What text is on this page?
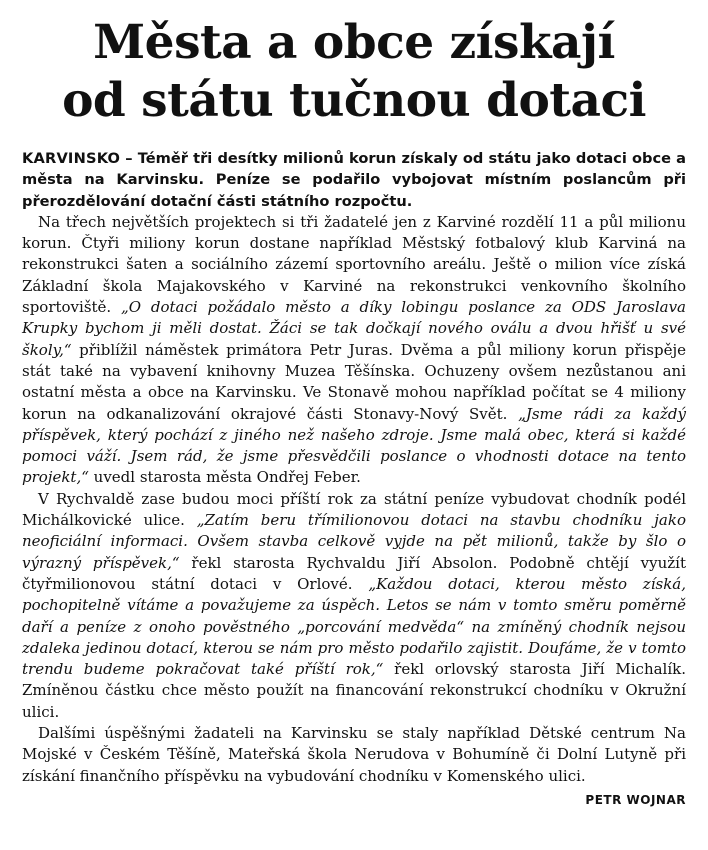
Města a obce získají
od státu tučnou dotaci

KARVINSKO – Téměř tři desítky milionů korun získaly od státu jako dotaci obce a města na Karvinsku. Peníze se podařilo vybojovat místním poslancům při přerozdělování dotační části státního rozpočtu.

Na třech největších projektech si tři žadatelé jen z Karviné rozdělí 11 a půl milionu korun. Čtyři miliony korun dostane například Městský fotbalový klub Karviná na rekonstrukci šaten a sociálního zázemí sportovního areálu. Ještě o milion více získá Základní škola Majakovského v Karviné na rekonstrukci venkovního školního sportoviště. „O dotaci požádalo město a díky lobingu poslance za ODS Jaroslava Krupky bychom ji měli dostat. Žáci se tak dočkají nového oválu a dvou hřišť u své školy,“ přiblížil náměstek primátora Petr Juras. Dvěma a půl miliony korun přispěje stát také na vybavení knihovny Muzea Těšínska. Ochuzeny ovšem nezůstanou ani ostatní města a obce na Karvinsku. Ve Stonavě mohou například počítat se 4 miliony korun na odkanalizování okrajové části Stonavy-Nový Svět. „Jsme rádi za každý příspěvek, který pochází z jiného než našeho zdroje. Jsme malá obec, která si každé pomoci váží. Jsem rád, že jsme přesvědčili poslance o vhodnosti dotace na tento projekt,“ uvedl starosta města Ondřej Feber.

V Rychvaldě zase budou moci příští rok za státní peníze vybudovat chodník podél Michálkovické ulice. „Zatím beru třímilionovou dotaci na stavbu chodníku jako neoficiální informaci. Ovšem stavba celkově vyjde na pět milionů, takže by šlo o výrazný příspěvek,“ řekl starosta Rychvaldu Jiří Absolon. Podobně chtějí využít čtyřmilionovou státní dotaci v Orlové. „Každou dotaci, kterou město získá, pochopitelně vítáme a považujeme za úspěch. Letos se nám v tomto směru poměrně daří a peníze z onoho pověstného „porcování medvěda“ na zmíněný chodník nejsou zdaleka jedinou dotací, kterou se nám pro město podařilo zajistit. Doufáme, že v tomto trendu budeme pokračovat také příští rok,“ řekl orlovský starosta Jiří Michalík. Zmíněnou částku chce město použít na financování rekonstrukcí chodníku v Okružní ulici.

Dalšími úspěšnými žadateli na Karvinsku se staly například Dětské centrum Na Mojské v Českém Těšíně, Mateřská škola Nerudova v Bohumíně či Dolní Lutyně při získání finančního příspěvku na vybudování chodníku v Komenského ulici.
PETR WOJNAR
